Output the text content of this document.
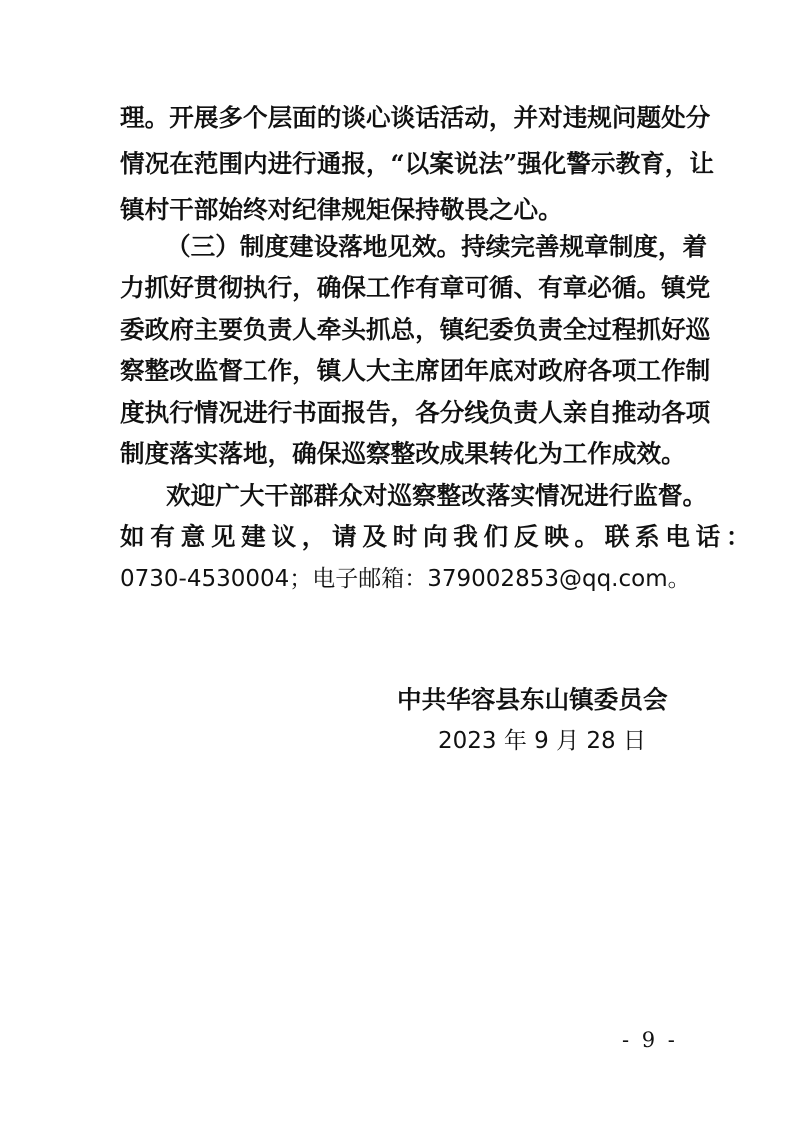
理。开展多个层面的谈心谈话活动，并对违规问题处分
情况在范围内进行通报，“以案说法”强化警示教育，让
镇村干部始终对纪律规矩保持敬畏之心。
（三）制度建设落地见效。持续完善规章制度，着
力抓好贯彻执行，确保工作有章可循、有章必循。镇党
委政府主要负责人牵头抓总，镇纪委负责全过程抓好巡
察整改监督工作，镇人大主席团年底对政府各项工作制
度执行情况进行书面报告，各分线负责人亲自推动各项
制度落实落地，确保巡察整改成果转化为工作成效。
欢迎广大干部群众对巡察整改落实情况进行监督。
如有意见建议，请及时向我们反映。联系电话：
0730-4530004；电子邮箱：379002853@qq.com。
中共华容县东山镇委员会
2023 年 9 月 28 日
- 9 -
